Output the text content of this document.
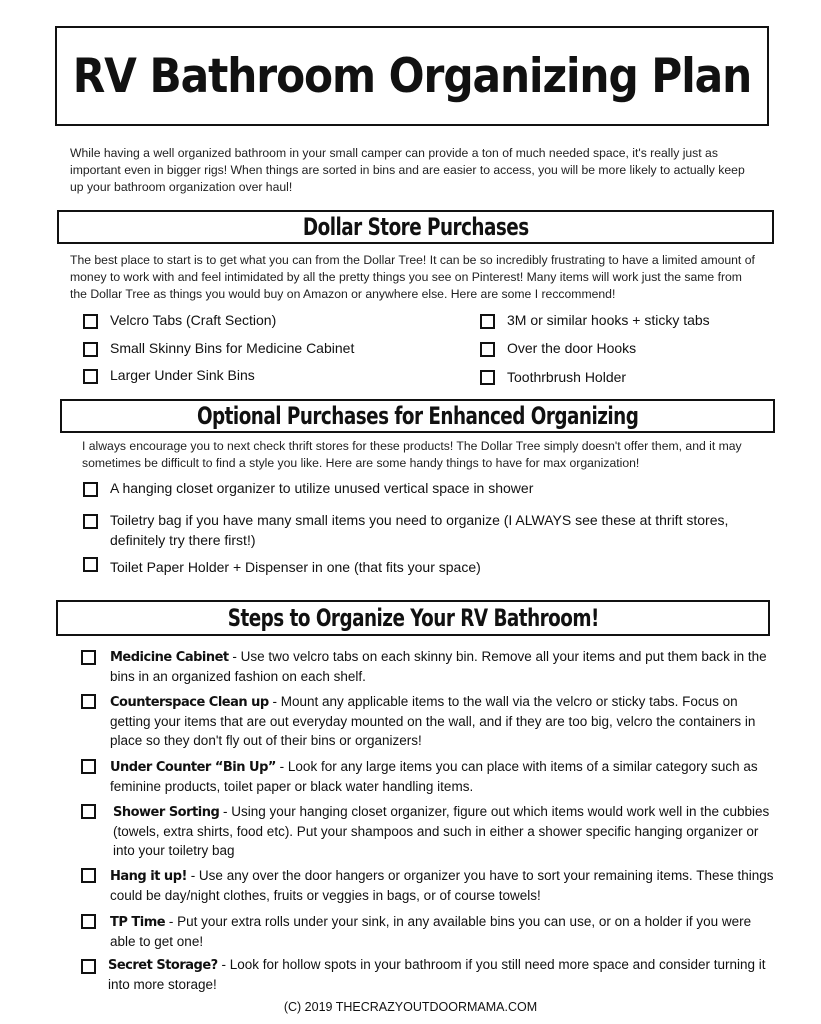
RV Bathroom Organizing Plan

While having a well organized bathroom in your small camper can provide a ton of much needed space, it's really just as important even in bigger rigs! When things are sorted in bins and are easier to access, you will be more likely to actually keep up your bathroom organization over haul!

Dollar Store Purchases

The best place to start is to get what you can from the Dollar Tree! It can be so incredibly frustrating to have a limited amount of money to work with and feel intimidated by all the pretty things you see on Pinterest! Many items will work just the same from the Dollar Tree as things you would buy on Amazon or anywhere else. Here are some I reccommend!

Velcro Tabs (Craft Section)

Small Skinny Bins for Medicine Cabinet

Larger Under Sink Bins

3M or similar hooks + sticky tabs

Over the door Hooks

Toothrbrush Holder

Optional Purchases for Enhanced Organizing

I always encourage you to next check thrift stores for these products! The Dollar Tree simply doesn't offer them, and it may sometimes be difficult to find a style you like. Here are some handy things to have for max organization!

A hanging closet organizer to utilize unused vertical space in shower

Toiletry bag if you have many small items you need to organize (I ALWAYS see these at thrift stores, definitely try there first!)

Toilet Paper Holder + Dispenser in one (that fits your space)

Steps to Organize Your RV Bathroom!

Medicine Cabinet - Use two velcro tabs on each skinny bin. Remove all your items and put them back in the bins in an organized fashion on each shelf.

Counterspace Clean up - Mount any applicable items to the wall via the velcro or sticky tabs. Focus on getting your items that are out everyday mounted on the wall, and if they are too big, velcro the containers in place so they don't fly out of their bins or organizers!

Under Counter “Bin Up” - Look for any large items you can place with items of a similar category such as feminine products, toilet paper or black water handling items.

Shower Sorting - Using your hanging closet organizer, figure out which items would work well in the cubbies (towels, extra shirts, food etc). Put your shampoos and such in either a shower specific hanging organizer or into your toiletry bag

Hang it up! - Use any over the door hangers or organizer you have to sort your remaining items. These things could be day/night clothes, fruits or veggies in bags, or of course towels!

TP Time - Put your extra rolls under your sink, in any available bins you can use, or on a holder if you were able to get one!

Secret Storage? - Look for hollow spots in your bathroom if you still need more space and consider turning it into more storage!

(C) 2019 THECRAZYOUTDOORMAMA.COM
